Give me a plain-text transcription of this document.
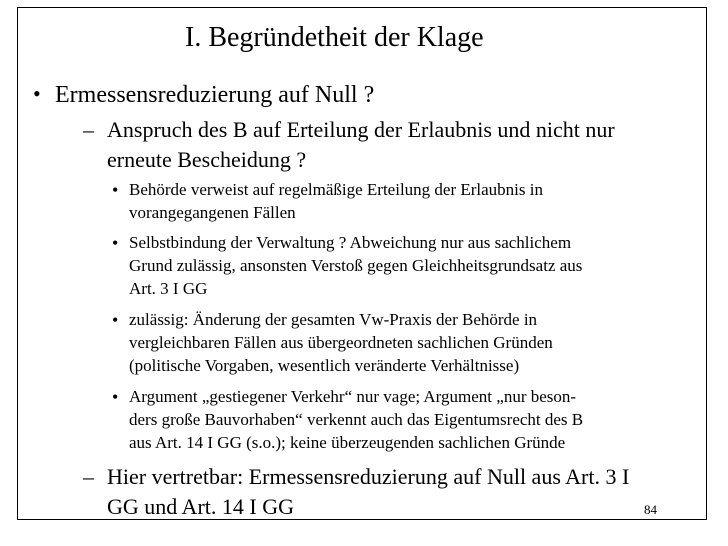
I. Begründetheit der Klage
• Ermessensreduzierung auf Null ?
– Anspruch des B auf Erteilung der Erlaubnis und nicht nur
erneute Bescheidung ?
• Behörde verweist auf regelmäßige Erteilung der Erlaubnis in
vorangegangenen Fällen
• Selbstbindung der Verwaltung ? Abweichung nur aus sachlichem
Grund zulässig, ansonsten Verstoß gegen Gleichheitsgrundsatz aus
Art. 3 I GG
• zulässig: Änderung der gesamten Vw-Praxis der Behörde in
vergleichbaren Fällen aus übergeordneten sachlichen Gründen
(politische Vorgaben, wesentlich veränderte Verhältnisse)
• Argument „gestiegener Verkehr“ nur vage; Argument „nur beson-
ders große Bauvorhaben“ verkennt auch das Eigentumsrecht des B
aus Art. 14 I GG (s.o.); keine überzeugenden sachlichen Gründe
– Hier vertretbar: Ermessensreduzierung auf Null aus Art. 3 I
GG und Art. 14 I GG	84
